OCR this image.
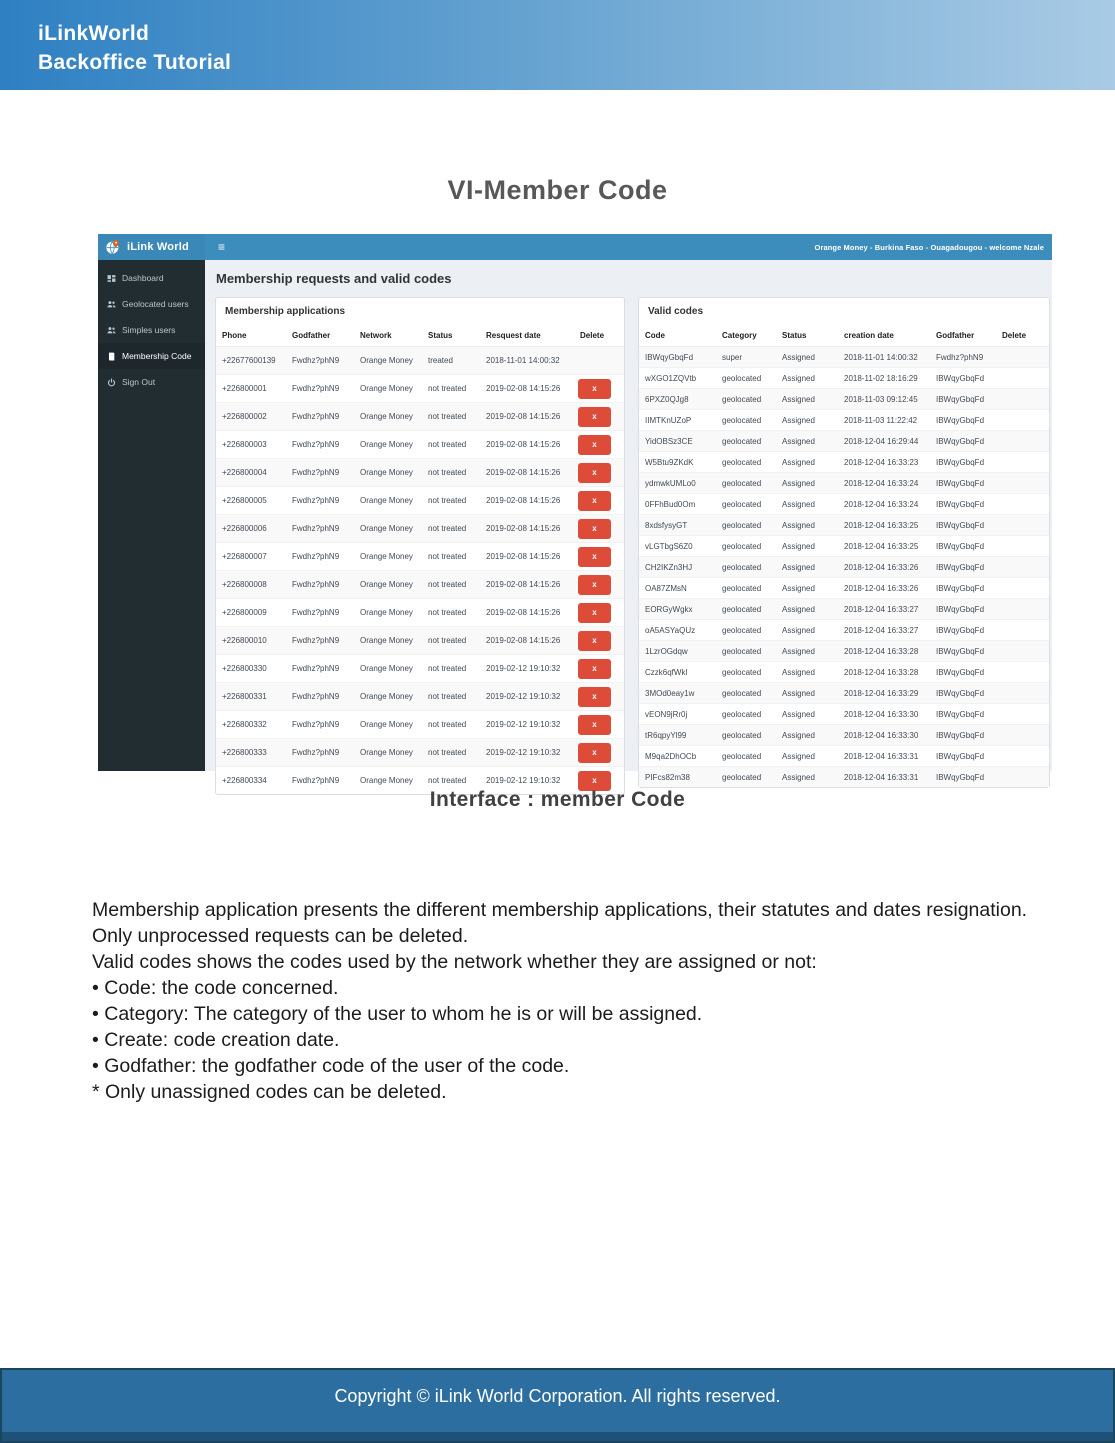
iLinkWorld
Backoffice Tutorial
VI-Member Code
iLink World	≡	Orange Money - Burkina Faso - Ouagadougou - welcome Nzale
Dashboard
Geolocated users
Simples users
Membership Code
Sign Out
Membership requests and valid codes
Membership applications
Phone	Godfather	Network	Status	Resquest date	Delete
+22677600139	Fwdhz?phN9	Orange Money	treated	2018-11-01 14:00:32	
+226800001	Fwdhz?phN9	Orange Money	not treated	2019-02-08 14:15:26	x

+226800002	Fwdhz?phN9	Orange Money	not treated	2019-02-08 14:15:26	x

+226800003	Fwdhz?phN9	Orange Money	not treated	2019-02-08 14:15:26	x

+226800004	Fwdhz?phN9	Orange Money	not treated	2019-02-08 14:15:26	x

+226800005	Fwdhz?phN9	Orange Money	not treated	2019-02-08 14:15:26	x

+226800006	Fwdhz?phN9	Orange Money	not treated	2019-02-08 14:15:26	x

+226800007	Fwdhz?phN9	Orange Money	not treated	2019-02-08 14:15:26	x

+226800008	Fwdhz?phN9	Orange Money	not treated	2019-02-08 14:15:26	x

+226800009	Fwdhz?phN9	Orange Money	not treated	2019-02-08 14:15:26	x

+226800010	Fwdhz?phN9	Orange Money	not treated	2019-02-08 14:15:26	x

+226800330	Fwdhz?phN9	Orange Money	not treated	2019-02-12 19:10:32	x

+226800331	Fwdhz?phN9	Orange Money	not treated	2019-02-12 19:10:32	x

+226800332	Fwdhz?phN9	Orange Money	not treated	2019-02-12 19:10:32	x

+226800333	Fwdhz?phN9	Orange Money	not treated	2019-02-12 19:10:32	x

+226800334	Fwdhz?phN9	Orange Money	not treated	2019-02-12 19:10:32	x
Valid codes
Code	Category	Status	creation date	Godfather	Delete
IBWqyGbqFd	super	Assigned	2018-11-01 14:00:32	Fwdhz?phN9	
wXGO1ZQVtb	geolocated	Assigned	2018-11-02 18:16:29	IBWqyGbqFd	
6PXZ0QJg8	geolocated	Assigned	2018-11-03 09:12:45	IBWqyGbqFd	
IIMTKnUZoP	geolocated	Assigned	2018-11-03 11:22:42	IBWqyGbqFd	
YidOBSz3CE	geolocated	Assigned	2018-12-04 16:29:44	IBWqyGbqFd	
W5Btu9ZKdK	geolocated	Assigned	2018-12-04 16:33:23	IBWqyGbqFd	
ydmwkUMLo0	geolocated	Assigned	2018-12-04 16:33:24	IBWqyGbqFd	
0FFhBud0Om	geolocated	Assigned	2018-12-04 16:33:24	IBWqyGbqFd	
8xdsfysyGT	geolocated	Assigned	2018-12-04 16:33:25	IBWqyGbqFd	
vLGTbgS6Z0	geolocated	Assigned	2018-12-04 16:33:25	IBWqyGbqFd	
CH2IKZn3HJ	geolocated	Assigned	2018-12-04 16:33:26	IBWqyGbqFd	
OA87ZMsN	geolocated	Assigned	2018-12-04 16:33:26	IBWqyGbqFd	
EORGyWgkx	geolocated	Assigned	2018-12-04 16:33:27	IBWqyGbqFd	
oA5ASYaQUz	geolocated	Assigned	2018-12-04 16:33:27	IBWqyGbqFd	
1LzrOGdqw	geolocated	Assigned	2018-12-04 16:33:28	IBWqyGbqFd	
Czzk6qfWkl	geolocated	Assigned	2018-12-04 16:33:28	IBWqyGbqFd	
3MOd0eay1w	geolocated	Assigned	2018-12-04 16:33:29	IBWqyGbqFd	
vEON9jRr0j	geolocated	Assigned	2018-12-04 16:33:30	IBWqyGbqFd	
tR6qpyYl99	geolocated	Assigned	2018-12-04 16:33:30	IBWqyGbqFd	
M9qa2DhOCb	geolocated	Assigned	2018-12-04 16:33:31	IBWqyGbqFd	
PIFcs82m38	geolocated	Assigned	2018-12-04 16:33:31	IBWqyGbqFd	
Interface : member Code

Membership application presents the different membership applications, their statutes and dates resignation. Only unprocessed requests can be deleted.

Valid codes shows the codes used by the network whether they are assigned or not:

• Code: the code concerned.

• Category: The category of the user to whom he is or will be assigned.

• Create: code creation date.

• Godfather: the godfather code of the user of the code.

* Only unassigned codes can be deleted.

Copyright © iLink World Corporation. All rights reserved.
